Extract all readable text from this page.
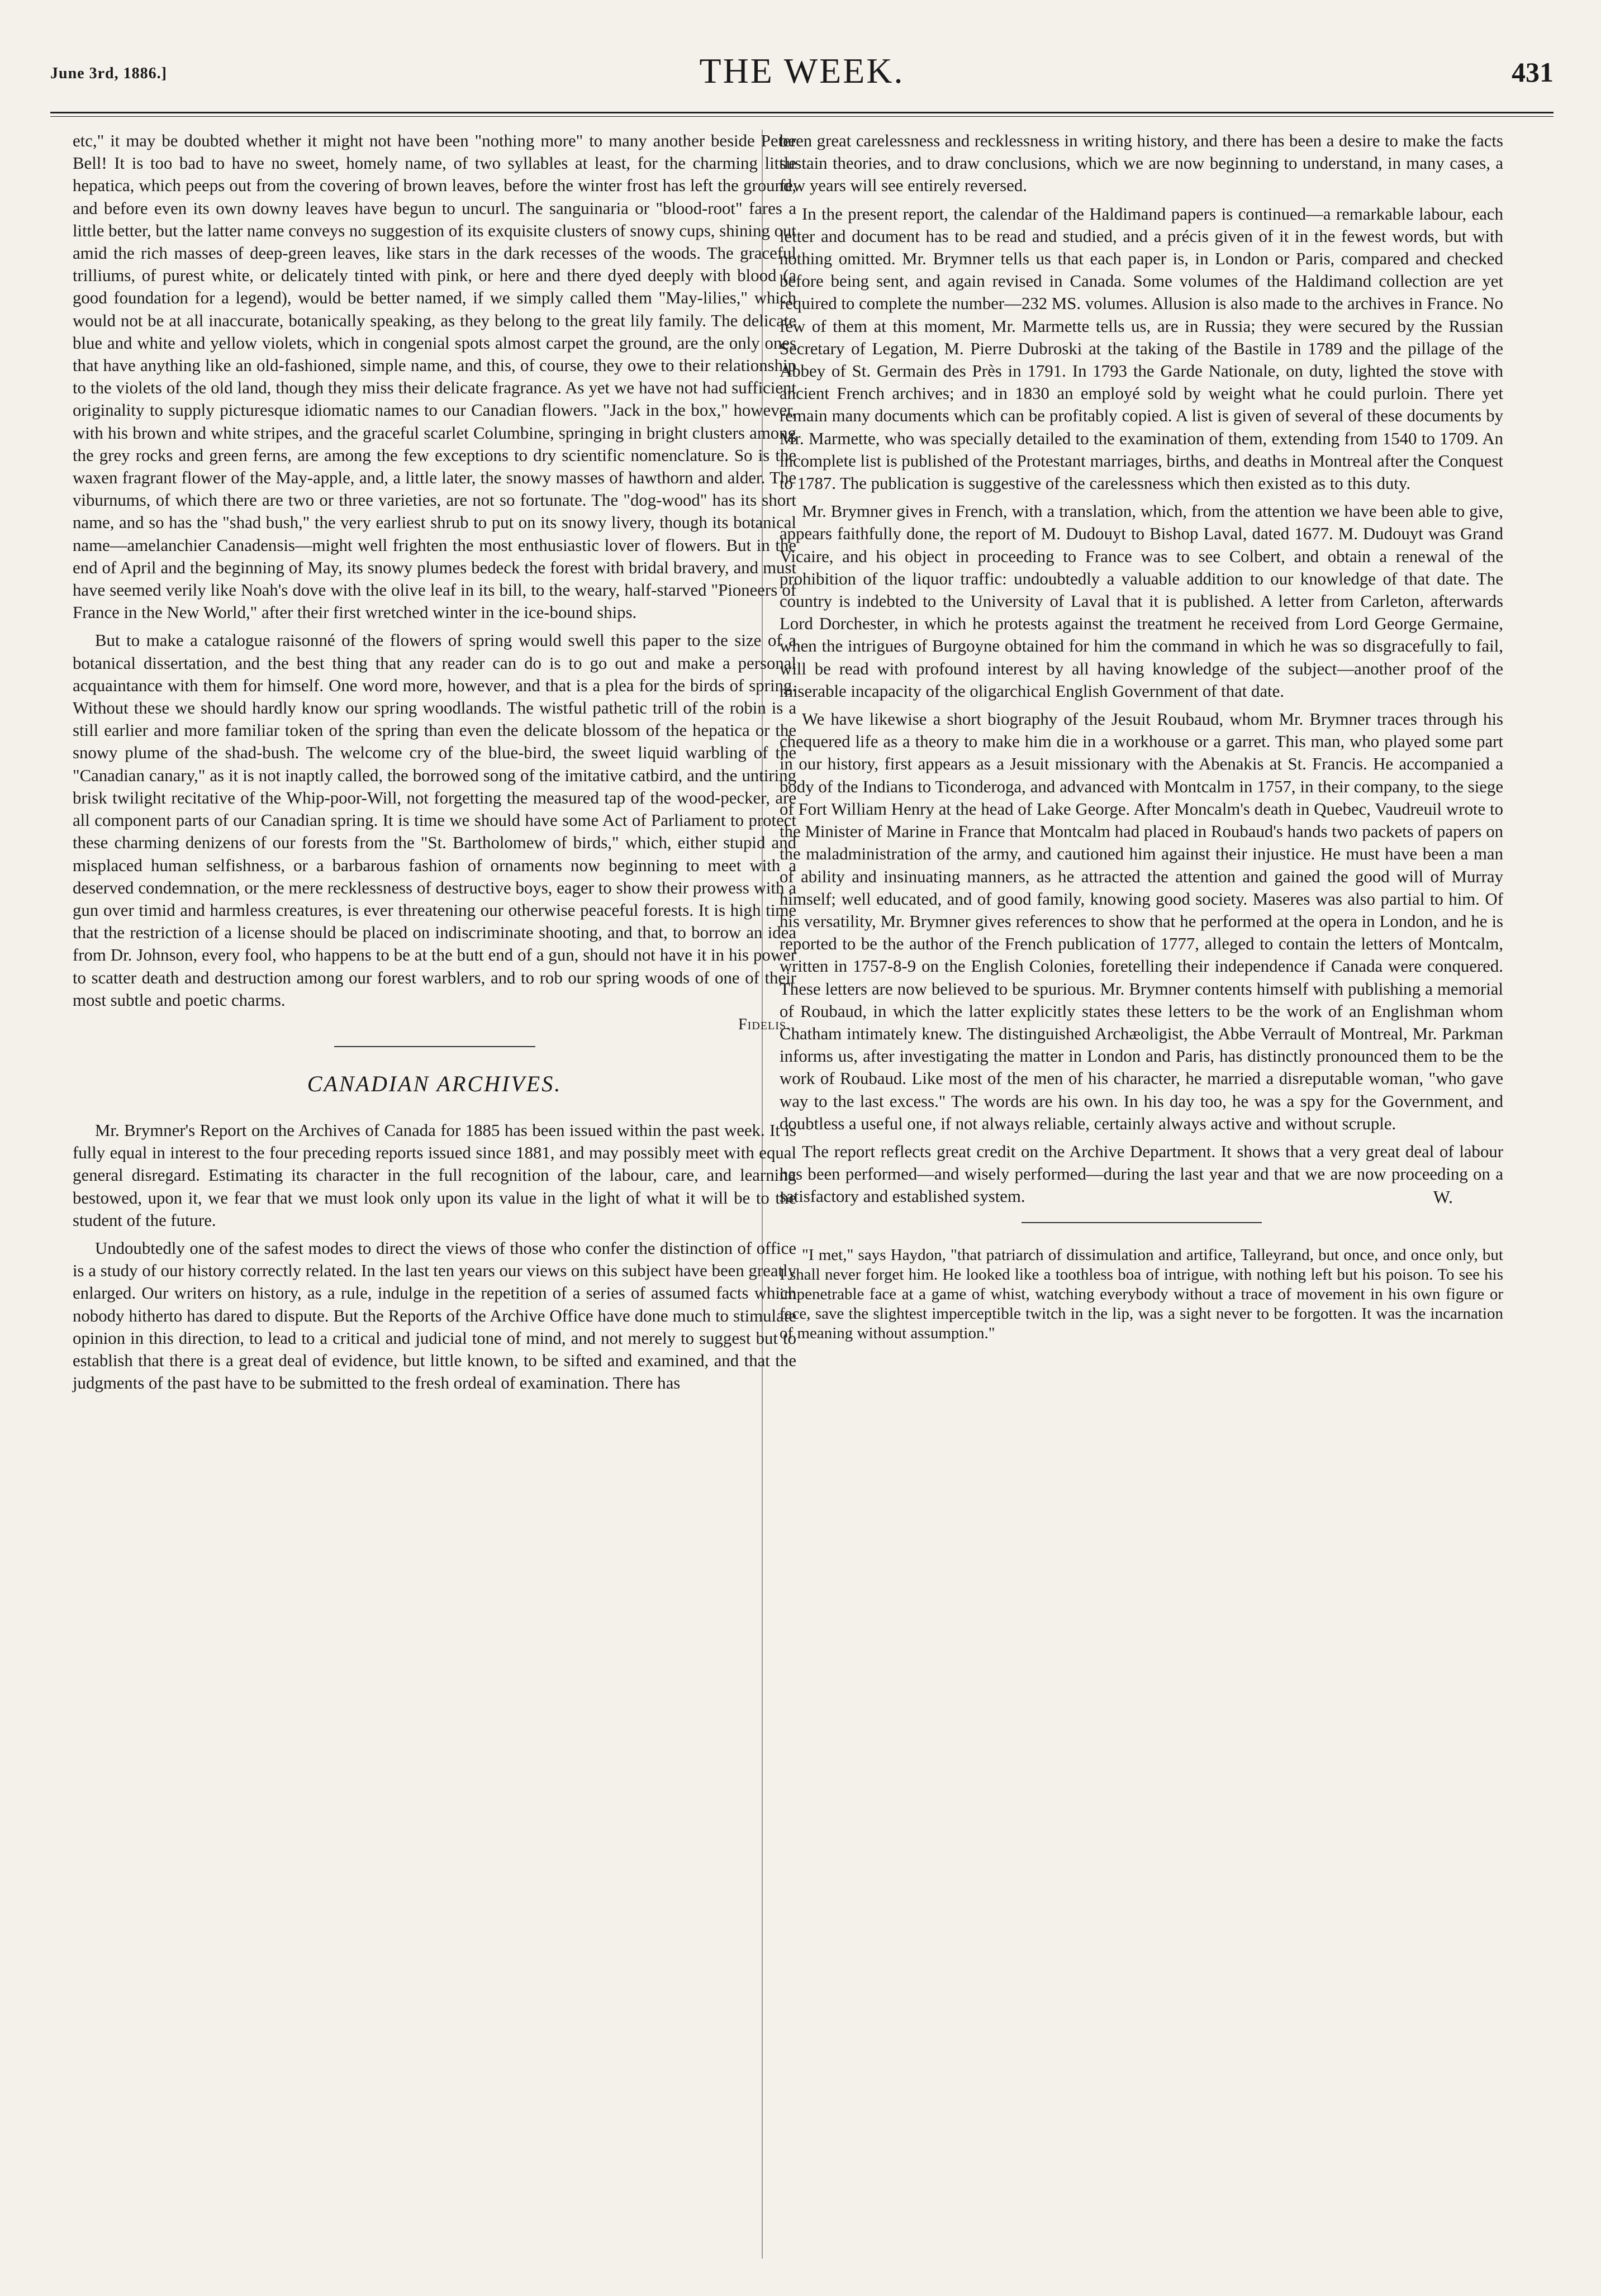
June 3rd, 1886.]	THE WEEK.	431

etc," it may be doubted whether it might not have been "nothing more" to many another beside Peter Bell! It is too bad to have no sweet, homely name, of two syllables at least, for the charming little hepatica, which peeps out from the covering of brown leaves, before the winter frost has left the ground, and before even its own downy leaves have begun to uncurl. The sanguinaria or "blood-root" fares a little better, but the latter name conveys no suggestion of its exquisite clusters of snowy cups, shining out amid the rich masses of deep-green leaves, like stars in the dark recesses of the woods. The graceful trilliums, of purest white, or delicately tinted with pink, or here and there dyed deeply with blood (a good foundation for a legend), would be better named, if we simply called them "May-lilies," which would not be at all inaccurate, botanically speaking, as they belong to the great lily family. The delicate blue and white and yellow violets, which in congenial spots almost carpet the ground, are the only ones that have anything like an old-fashioned, simple name, and this, of course, they owe to their relationship to the violets of the old land, though they miss their delicate fragrance. As yet we have not had sufficient originality to supply picturesque idiomatic names to our Canadian flowers. "Jack in the box," however, with his brown and white stripes, and the graceful scarlet Columbine, springing in bright clusters among the grey rocks and green ferns, are among the few exceptions to dry scientific nomenclature. So is the waxen fragrant flower of the May-apple, and, a little later, the snowy masses of hawthorn and alder. The viburnums, of which there are two or three varieties, are not so fortunate. The "dog-wood" has its short name, and so has the "shad bush," the very earliest shrub to put on its snowy livery, though its botanical name—amelanchier Canadensis—might well frighten the most enthusiastic lover of flowers. But in the end of April and the beginning of May, its snowy plumes bedeck the forest with bridal bravery, and must have seemed verily like Noah's dove with the olive leaf in its bill, to the weary, half-starved "Pioneers of France in the New World," after their first wretched winter in the ice-bound ships.

But to make a catalogue raisonné of the flowers of spring would swell this paper to the size of a botanical dissertation, and the best thing that any reader can do is to go out and make a personal acquaintance with them for himself. One word more, however, and that is a plea for the birds of spring. Without these we should hardly know our spring woodlands. The wistful pathetic trill of the robin is a still earlier and more familiar token of the spring than even the delicate blossom of the hepatica or the snowy plume of the shad-bush. The welcome cry of the blue-bird, the sweet liquid warbling of the "Canadian canary," as it is not inaptly called, the borrowed song of the imitative catbird, and the untiring brisk twilight recitative of the Whip-poor-Will, not forgetting the measured tap of the wood-pecker, are all component parts of our Canadian spring. It is time we should have some Act of Parliament to protect these charming denizens of our forests from the "St. Bartholomew of birds," which, either stupid and misplaced human selfishness, or a barbarous fashion of ornaments now beginning to meet with a deserved condemnation, or the mere recklessness of destructive boys, eager to show their prowess with a gun over timid and harmless creatures, is ever threatening our otherwise peaceful forests. It is high time that the restriction of a license should be placed on indiscriminate shooting, and that, to borrow an idea from Dr. Johnson, every fool, who happens to be at the butt end of a gun, should not have it in his power to scatter death and destruction among our forest warblers, and to rob our spring woods of one of their most subtle and poetic charms.

Fidelis.
CANADIAN ARCHIVES.

Mr. Brymner's Report on the Archives of Canada for 1885 has been issued within the past week. It is fully equal in interest to the four preceding reports issued since 1881, and may possibly meet with equal general disregard. Estimating its character in the full recognition of the labour, care, and learning bestowed, upon it, we fear that we must look only upon its value in the light of what it will be to the student of the future.

Undoubtedly one of the safest modes to direct the views of those who confer the distinction of office is a study of our history correctly related. In the last ten years our views on this subject have been greatly enlarged. Our writers on history, as a rule, indulge in the repetition of a series of assumed facts which nobody hitherto has dared to dispute. But the Reports of the Archive Office have done much to stimulate opinion in this direction, to lead to a critical and judicial tone of mind, and not merely to suggest but to establish that there is a great deal of evidence, but little known, to be sifted and examined, and that the judgments of the past have to be submitted to the fresh ordeal of examination. There has

been great carelessness and recklessness in writing history, and there has been a desire to make the facts sustain theories, and to draw conclusions, which we are now beginning to understand, in many cases, a few years will see entirely reversed.

In the present report, the calendar of the Haldimand papers is continued—a remarkable labour, each letter and document has to be read and studied, and a précis given of it in the fewest words, but with nothing omitted. Mr. Brymner tells us that each paper is, in London or Paris, compared and checked before being sent, and again revised in Canada. Some volumes of the Haldimand collection are yet required to complete the number—232 MS. volumes. Allusion is also made to the archives in France. No few of them at this moment, Mr. Marmette tells us, are in Russia; they were secured by the Russian Secretary of Legation, M. Pierre Dubroski at the taking of the Bastile in 1789 and the pillage of the Abbey of St. Germain des Près in 1791. In 1793 the Garde Nationale, on duty, lighted the stove with ancient French archives; and in 1830 an employé sold by weight what he could purloin. There yet remain many documents which can be profitably copied. A list is given of several of these documents by Mr. Marmette, who was specially detailed to the examination of them, extending from 1540 to 1709. An incomplete list is published of the Protestant marriages, births, and deaths in Montreal after the Conquest to 1787. The publication is suggestive of the carelessness which then existed as to this duty.

Mr. Brymner gives in French, with a translation, which, from the attention we have been able to give, appears faithfully done, the report of M. Dudouyt to Bishop Laval, dated 1677. M. Dudouyt was Grand Vicaire, and his object in proceeding to France was to see Colbert, and obtain a renewal of the prohibition of the liquor traffic: undoubtedly a valuable addition to our knowledge of that date. The country is indebted to the University of Laval that it is published. A letter from Carleton, afterwards Lord Dorchester, in which he protests against the treatment he received from Lord George Germaine, when the intrigues of Burgoyne obtained for him the command in which he was so disgracefully to fail, will be read with profound interest by all having knowledge of the subject—another proof of the miserable incapacity of the oligarchical English Government of that date.

We have likewise a short biography of the Jesuit Roubaud, whom Mr. Brymner traces through his chequered life as a theory to make him die in a workhouse or a garret. This man, who played some part in our history, first appears as a Jesuit missionary with the Abenakis at St. Francis. He accompanied a body of the Indians to Ticonderoga, and advanced with Montcalm in 1757, in their company, to the siege of Fort William Henry at the head of Lake George. After Moncalm's death in Quebec, Vaudreuil wrote to the Minister of Marine in France that Montcalm had placed in Roubaud's hands two packets of papers on the maladministration of the army, and cautioned him against their injustice. He must have been a man of ability and insinuating manners, as he attracted the attention and gained the good will of Murray himself; well educated, and of good family, knowing good society. Maseres was also partial to him. Of his versatility, Mr. Brymner gives references to show that he performed at the opera in London, and he is reported to be the author of the French publication of 1777, alleged to contain the letters of Montcalm, written in 1757-8-9 on the English Colonies, foretelling their independence if Canada were conquered. These letters are now believed to be spurious. Mr. Brymner contents himself with publishing a memorial of Roubaud, in which the latter explicitly states these letters to be the work of an Englishman whom Chatham intimately knew. The distinguished Archæoligist, the Abbe Verrault of Montreal, Mr. Parkman informs us, after investigating the matter in London and Paris, has distinctly pronounced them to be the work of Roubaud. Like most of the men of his character, he married a disreputable woman, "who gave way to the last excess." The words are his own. In his day too, he was a spy for the Government, and doubtless a useful one, if not always reliable, certainly always active and without scruple.

The report reflects great credit on the Archive Department. It shows that a very great deal of labour has been performed—and wisely performed—during the last year and that we are now proceeding on a satisfactory and established system.	W.

"I met," says Haydon, "that patriarch of dissimulation and artifice, Talleyrand, but once, and once only, but I shall never forget him. He looked like a toothless boa of intrigue, with nothing left but his poison. To see his impenetrable face at a game of whist, watching everybody without a trace of movement in his own figure or face, save the slightest imperceptible twitch in the lip, was a sight never to be forgotten. It was the incarnation of meaning without assumption."
